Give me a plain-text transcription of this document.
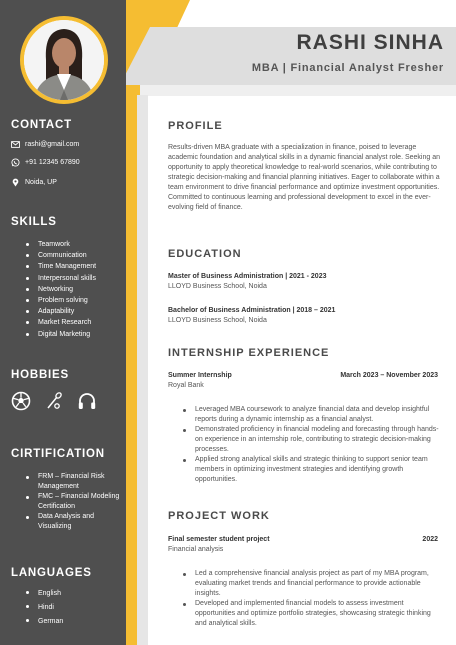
RASHI SINHA
MBA | Financial Analyst Fresher
CONTACT
rashi@gmail.com
+91 12345 67890
Noida, UP
SKILLS
Teamwork
Communication
Time Management
Interpersonal skills
Networking
Problem solving
Adaptability
Market Research
Digital Marketing
HOBBIES
CIRTIFICATION
FRM – Financial Risk Management
FMC – Financial Modeling Certification
Data Analysis and Visualizing
LANGUAGES
English
Hindi
German
PROFILE

Results-driven MBA graduate with a specialization in finance, poised to leverage academic foundation and analytical skills in a dynamic financial analyst role. Seeking an opportunity to apply theoretical knowledge to real-world scenarios, while contributing to strategic decision-making and financial planning initiatives. Eager to collaborate within a team environment to drive financial performance and optimize investment opportunities. Committed to continuous learning and professional development to excel in the ever-evolving field of finance.

EDUCATION
Master of Business Administration | 2021 - 2023
LLOYD Business School, Noida
Bachelor of Business Administration | 2018 – 2021
LLOYD Business School, Noida
INTERNSHIP EXPERIENCE
Summer Internship	March 2023 – November 2023
Royal Bank
Leveraged MBA coursework to analyze financial data and develop insightful reports during a dynamic internship as a financial analyst.
Demonstrated proficiency in financial modeling and forecasting through hands-on experience in an internship role, contributing to strategic decision-making processes.
Applied strong analytical skills and strategic thinking to support senior team members in optimizing investment strategies and identifying growth opportunities.
PROJECT WORK
Final semester student project	2022
Financial analysis
Led a comprehensive financial analysis project as part of my MBA program, evaluating market trends and financial performance to provide actionable insights.
Developed and implemented financial models to assess investment opportunities and optimize portfolio strategies, showcasing strategic thinking and analytical skills.
